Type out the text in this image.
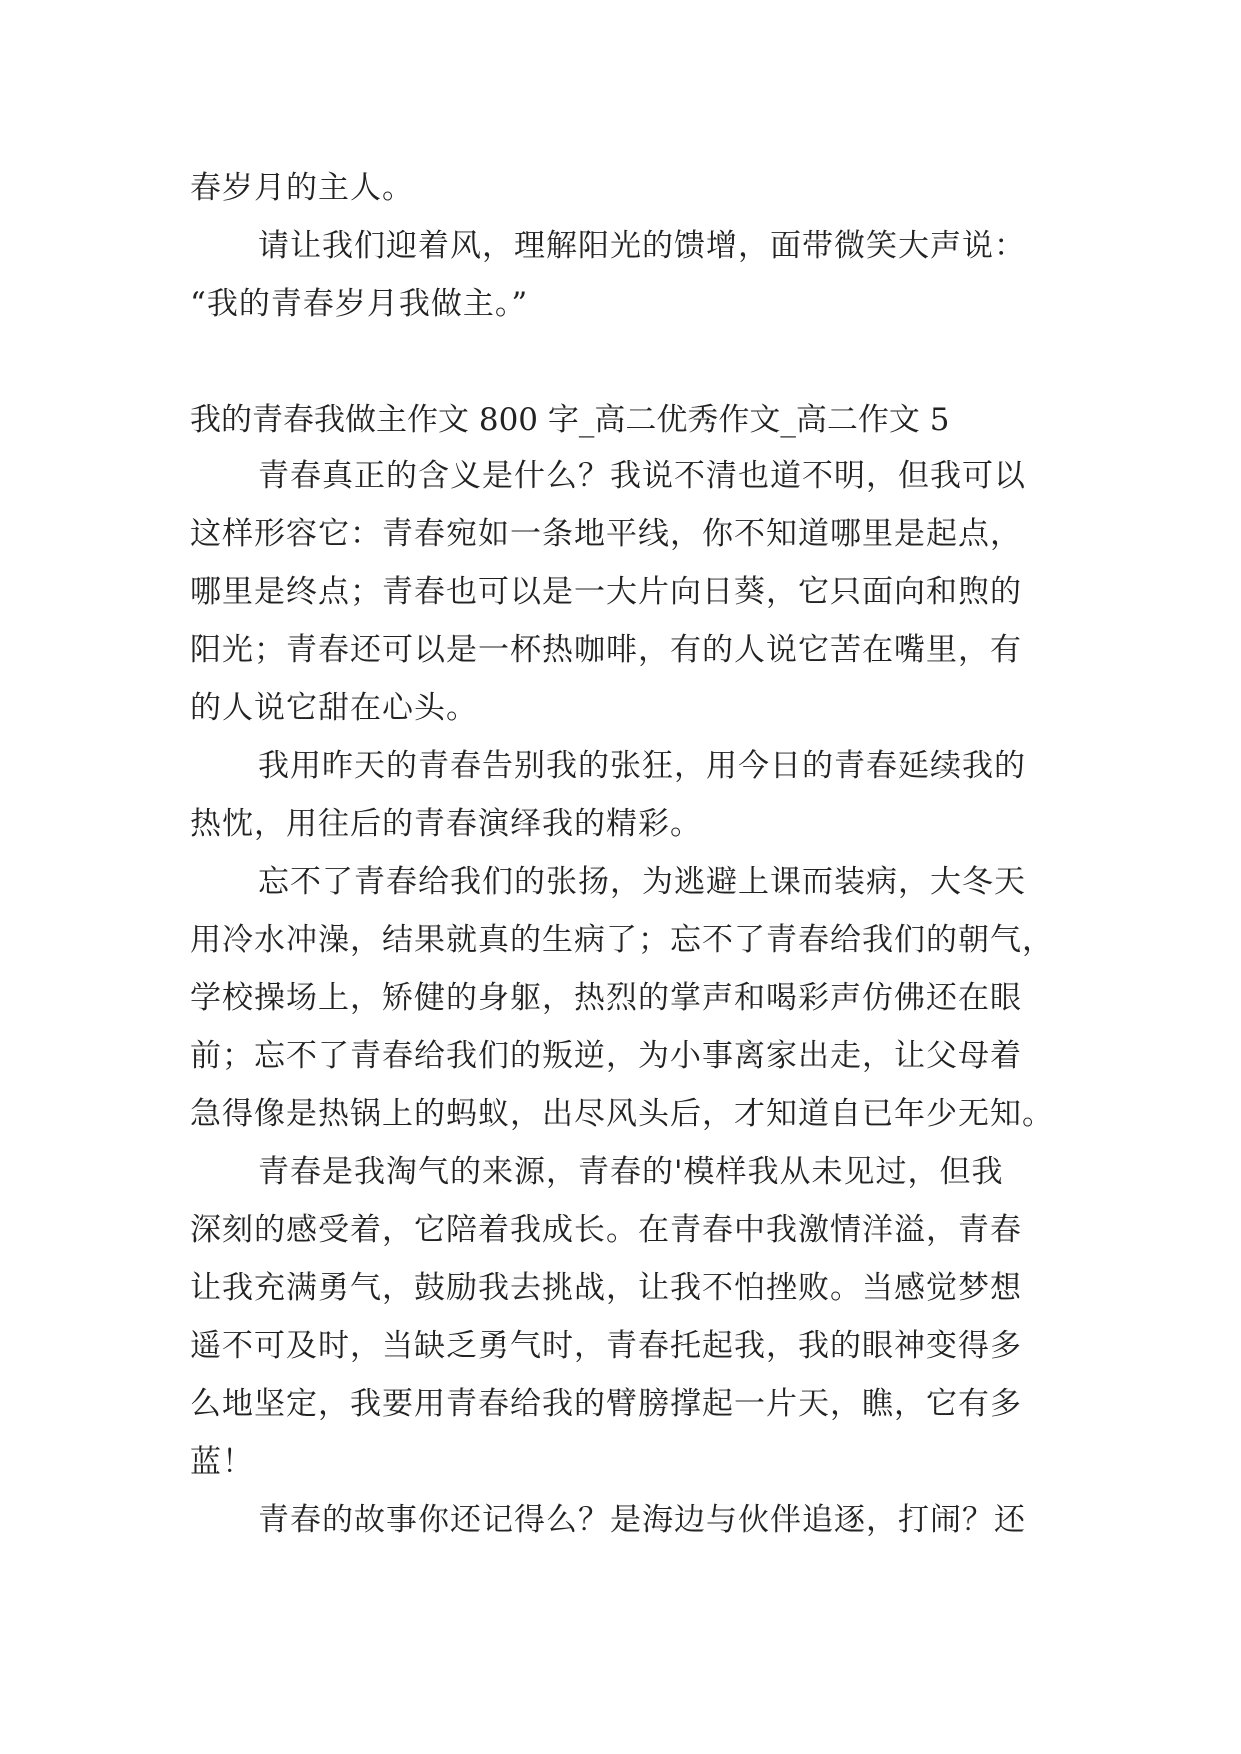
春岁月的主人。
请让我们迎着风，理解阳光的馈增，面带微笑大声说：
“我的青春岁月我做主。”
我的青春我做主作文 800 字_高二优秀作文_高二作文 5
青春真正的含义是什么？我说不清也道不明，但我可以
这样形容它：青春宛如一条地平线，你不知道哪里是起点，
哪里是终点；青春也可以是一大片向日葵，它只面向和煦的
阳光；青春还可以是一杯热咖啡，有的人说它苦在嘴里，有
的人说它甜在心头。
我用昨天的青春告别我的张狂，用今日的青春延续我的
热忱，用往后的青春演绎我的精彩。
忘不了青春给我们的张扬，为逃避上课而装病，大冬天
用冷水冲澡，结果就真的生病了；忘不了青春给我们的朝气，
学校操场上，矫健的身躯，热烈的掌声和喝彩声仿佛还在眼
前；忘不了青春给我们的叛逆，为小事离家出走，让父母着
急得像是热锅上的蚂蚁，出尽风头后，才知道自已年少无知。
青春是我淘气的来源，青春的'模样我从未见过，但我
深刻的感受着，它陪着我成长。在青春中我激情洋溢，青春
让我充满勇气，鼓励我去挑战，让我不怕挫败。当感觉梦想
遥不可及时，当缺乏勇气时，青春托起我，我的眼神变得多
么地坚定，我要用青春给我的臂膀撑起一片天，瞧，它有多
蓝！
青春的故事你还记得么？是海边与伙伴追逐，打闹？还
